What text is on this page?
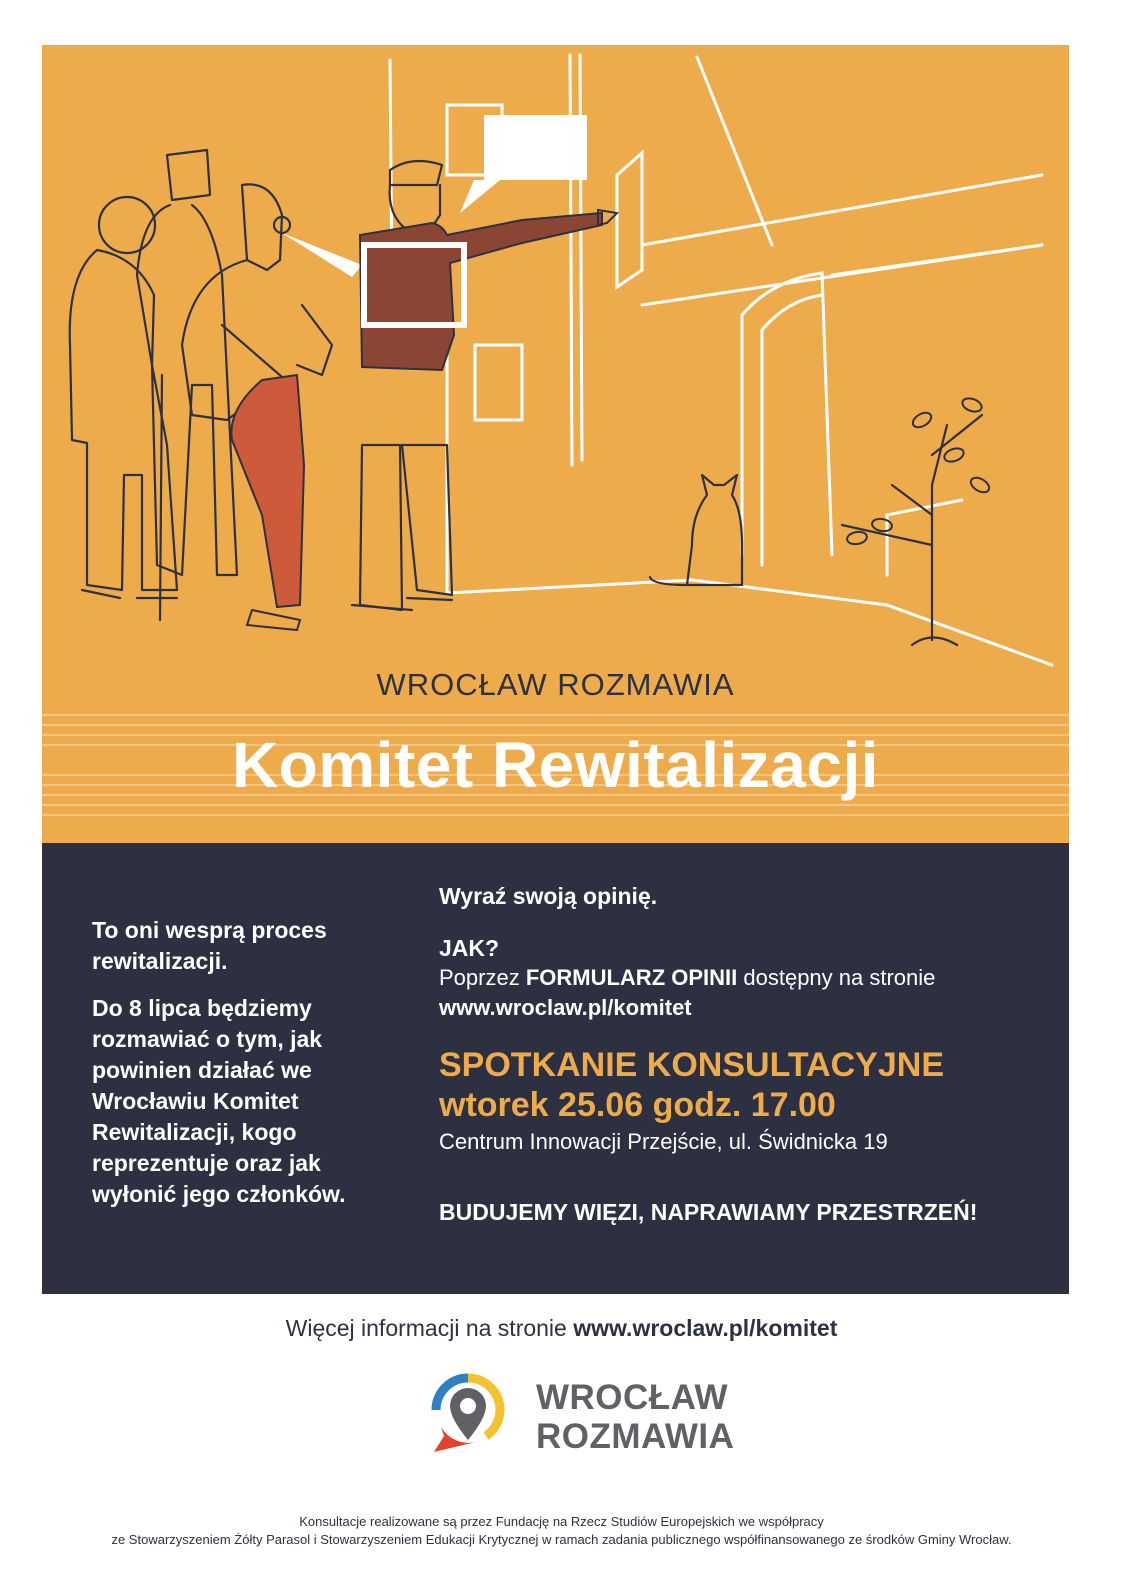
WROCŁAW ROZMAWIA
Komitet Rewitalizacji

To oni wesprą proces rewitalizacji.

Do 8 lipca będziemy rozmawiać o tym, jak powinien działać we Wrocławiu Komitet Rewitalizacji, kogo reprezentuje oraz jak wyłonić jego członków.

Wyraź swoją opinię.
JAK?
Poprzez FORMULARZ OPINII dostępny na stronie
www.wroclaw.pl/komitet
SPOTKANIE KONSULTACYJNE
wtorek 25.06 godz. 17.00
Centrum Innowacji Przejście, ul. Świdnicka 19
BUDUJEMY WIĘZI, NAPRAWIAMY PRZESTRZEŃ!
Więcej informacji na stronie www.wroclaw.pl/komitet
WROCŁAW
ROZMAWIA
Konsultacje realizowane są przez Fundację na Rzecz Studiów Europejskich we współpracy
ze Stowarzyszeniem Żółty Parasol i Stowarzyszeniem Edukacji Krytycznej w ramach zadania publicznego współfinansowanego ze środków Gminy Wrocław.
